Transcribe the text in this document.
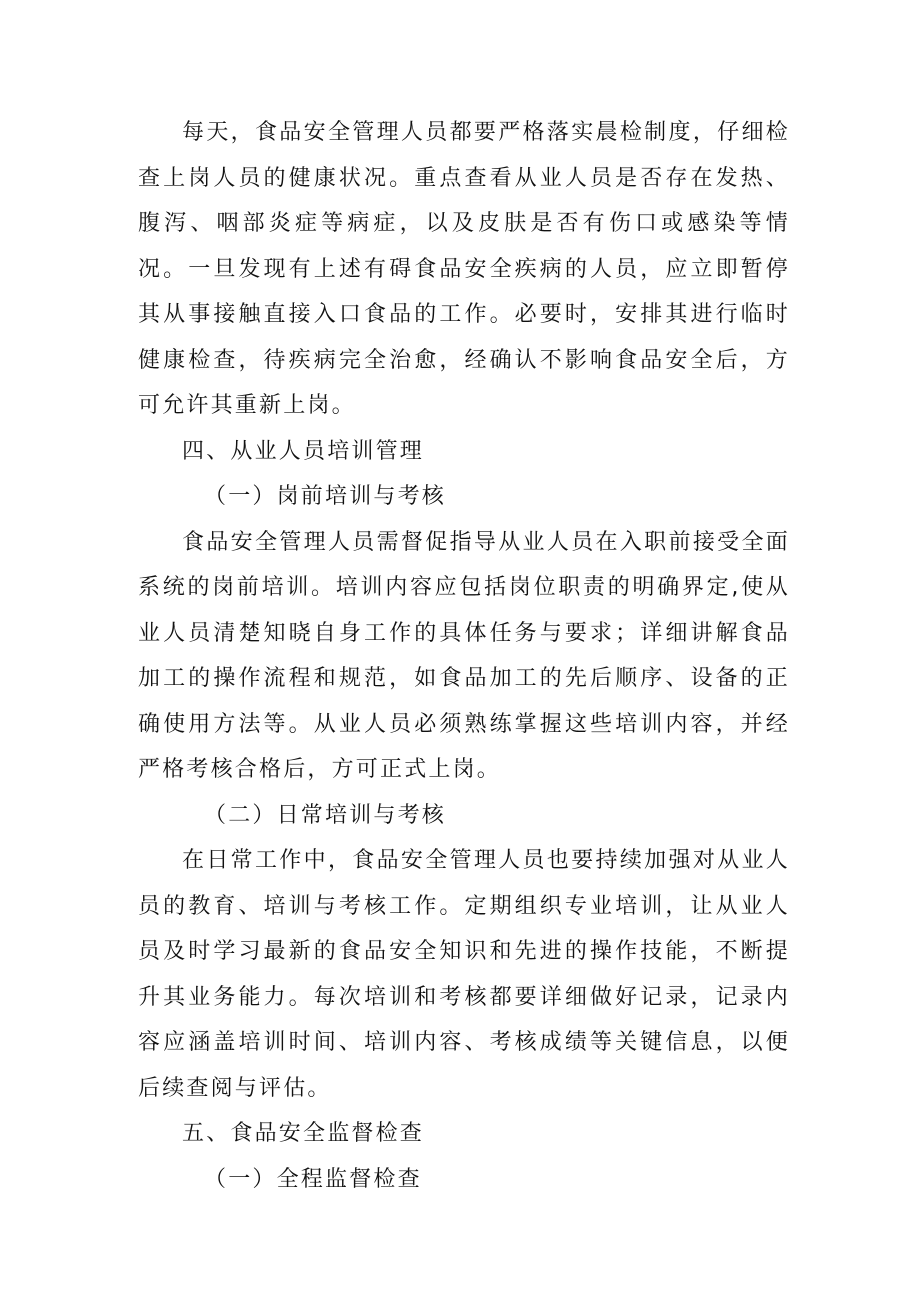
每天，食品安全管理人员都要严格落实晨检制度，仔细检查上岗人员的健康状况。重点查看从业人员是否存在发热、腹泻、咽部炎症等病症，以及皮肤是否有伤口或感染等情况。一旦发现有上述有碍食品安全疾病的人员，应立即暂停其从事接触直接入口食品的工作。必要时，安排其进行临时健康检查，待疾病完全治愈，经确认不影响食品安全后，方可允许其重新上岗。

四、从业人员培训管理

（一）岗前培训与考核

食品安全管理人员需督促指导从业人员在入职前接受全面系统的岗前培训。培训内容应包括岗位职责的明确界定,使从业人员清楚知晓自身工作的具体任务与要求；详细讲解食品加工的操作流程和规范，如食品加工的先后顺序、设备的正确使用方法等。从业人员必须熟练掌握这些培训内容，并经严格考核合格后，方可正式上岗。

（二）日常培训与考核

在日常工作中，食品安全管理人员也要持续加强对从业人员的教育、培训与考核工作。定期组织专业培训，让从业人员及时学习最新的食品安全知识和先进的操作技能，不断提升其业务能力。每次培训和考核都要详细做好记录，记录内容应涵盖培训时间、培训内容、考核成绩等关键信息，以便后续查阅与评估。

五、食品安全监督检查

（一）全程监督检查
